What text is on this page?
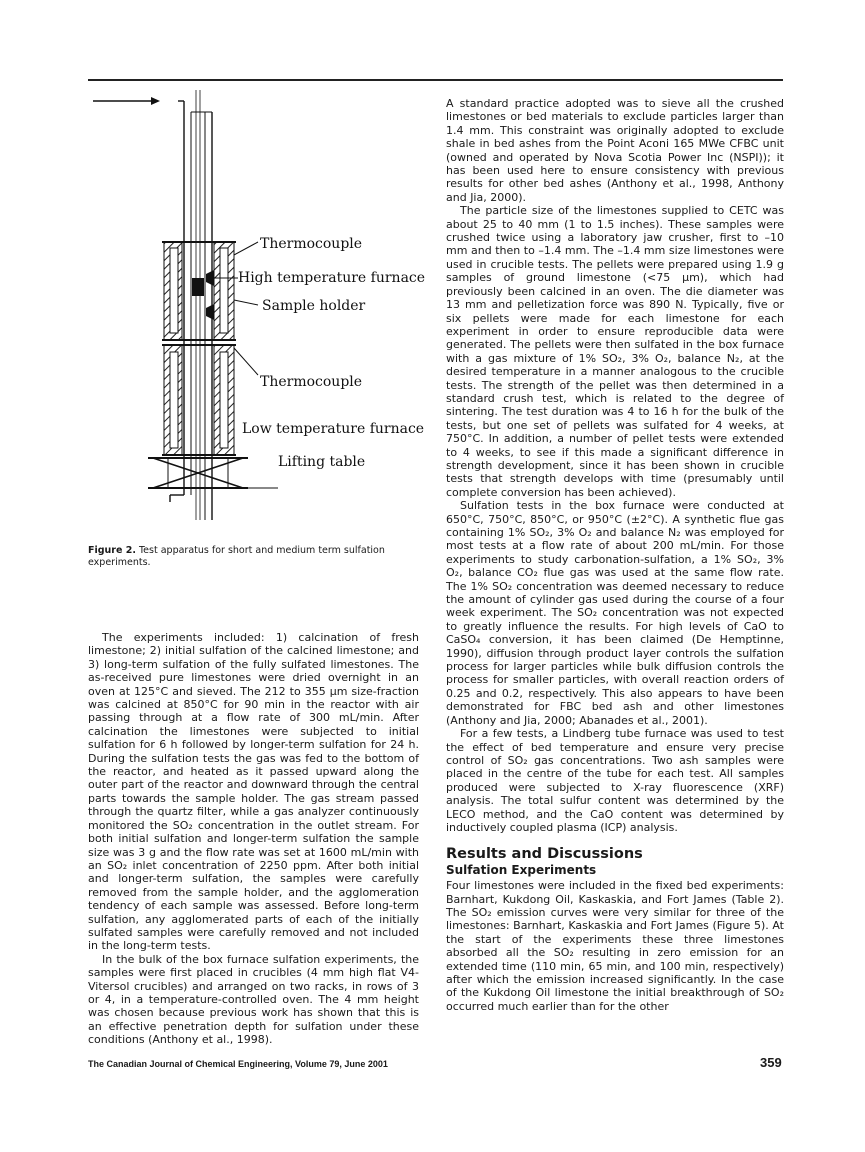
Thermocouple
High temperature furnace
Sample holder
Thermocouple
Low temperature furnace
Lifting table
Figure 2. Test apparatus for short and medium term sulfation experiments.

The experiments included: 1) calcination of fresh limestone; 2) initial sulfation of the calcined limestone; and 3) long-term sulfation of the fully sulfated limestones. The as-received pure limestones were dried overnight in an oven at 125°C and sieved. The 212 to 355 µm size-fraction was calcined at 850°C for 90 min in the reactor with air passing through at a flow rate of 300 mL/min. After calcination the limestones were subjected to initial sulfation for 6 h followed by longer-term sulfation for 24 h. During the sulfation tests the gas was fed to the bottom of the reactor, and heated as it passed upward along the outer part of the reactor and downward through the central parts towards the sample holder. The gas stream passed through the quartz filter, while a gas analyzer continuously monitored the SO₂ concentration in the outlet stream. For both initial sulfation and longer-term sulfation the sample size was 3 g and the flow rate was set at 1600 mL/min with an SO₂ inlet concentration of 2250 ppm. After both initial and longer-term sulfation, the samples were carefully removed from the sample holder, and the agglomeration tendency of each sample was assessed. Before long-term sulfation, any agglomerated parts of each of the initially sulfated samples were carefully removed and not included in the long-term tests.

In the bulk of the box furnace sulfation experiments, the samples were first placed in crucibles (4 mm high flat V4-Vitersol crucibles) and arranged on two racks, in rows of 3 or 4, in a temperature-controlled oven. The 4 mm height was chosen because previous work has shown that this is an effective penetration depth for sulfation under these conditions (Anthony et al., 1998).

A standard practice adopted was to sieve all the crushed limestones or bed materials to exclude particles larger than 1.4 mm. This constraint was originally adopted to exclude shale in bed ashes from the Point Aconi 165 MWe CFBC unit (owned and operated by Nova Scotia Power Inc (NSPI)); it has been used here to ensure consistency with previous results for other bed ashes (Anthony et al., 1998, Anthony and Jia, 2000).

The particle size of the limestones supplied to CETC was about 25 to 40 mm (1 to 1.5 inches). These samples were crushed twice using a laboratory jaw crusher, first to –10 mm and then to –1.4 mm. The –1.4 mm size limestones were used in crucible tests. The pellets were prepared using 1.9 g samples of ground limestone (<75 µm), which had previously been calcined in an oven. The die diameter was 13 mm and pelletization force was 890 N. Typically, five or six pellets were made for each limestone for each experiment in order to ensure reproducible data were generated. The pellets were then sulfated in the box furnace with a gas mixture of 1% SO₂, 3% O₂, balance N₂, at the desired temperature in a manner analogous to the crucible tests. The strength of the pellet was then determined in a standard crush test, which is related to the degree of sintering. The test duration was 4 to 16 h for the bulk of the tests, but one set of pellets was sulfated for 4 weeks, at 750°C. In addition, a number of pellet tests were extended to 4 weeks, to see if this made a significant difference in strength development, since it has been shown in crucible tests that strength develops with time (presumably until complete conversion has been achieved).

Sulfation tests in the box furnace were conducted at 650°C, 750°C, 850°C, or 950°C (±2°C). A synthetic flue gas containing 1% SO₂, 3% O₂ and balance N₂ was employed for most tests at a flow rate of about 200 mL/min. For those experiments to study carbonation-sulfation, a 1% SO₂, 3% O₂, balance CO₂ flue gas was used at the same flow rate. The 1% SO₂ concentration was deemed necessary to reduce the amount of cylinder gas used during the course of a four week experiment. The SO₂ concentration was not expected to greatly influence the results. For high levels of CaO to CaSO₄ conversion, it has been claimed (De Hemptinne, 1990), diffusion through product layer controls the sulfation process for larger particles while bulk diffusion controls the process for smaller particles, with overall reaction orders of 0.25 and 0.2, respectively. This also appears to have been demonstrated for FBC bed ash and other limestones (Anthony and Jia, 2000; Abanades et al., 2001).

For a few tests, a Lindberg tube furnace was used to test the effect of bed temperature and ensure very precise control of SO₂ gas concentrations. Two ash samples were placed in the centre of the tube for each test. All samples produced were subjected to X-ray fluorescence (XRF) analysis. The total sulfur content was determined by the LECO method, and the CaO content was determined by inductively coupled plasma (ICP) analysis.

Results and Discussions
Sulfation Experiments

Four limestones were included in the fixed bed experiments: Barnhart, Kukdong Oil, Kaskaskia, and Fort James (Table 2). The SO₂ emission curves were very similar for three of the limestones: Barnhart, Kaskaskia and Fort James (Figure 5). At the start of the experiments these three limestones absorbed all the SO₂ resulting in zero emission for an extended time (110 min, 65 min, and 100 min, respectively) after which the emission increased significantly. In the case of the Kukdong Oil limestone the initial breakthrough of SO₂ occurred much earlier than for the other

The Canadian Journal of Chemical Engineering, Volume 79, June 2001	359
